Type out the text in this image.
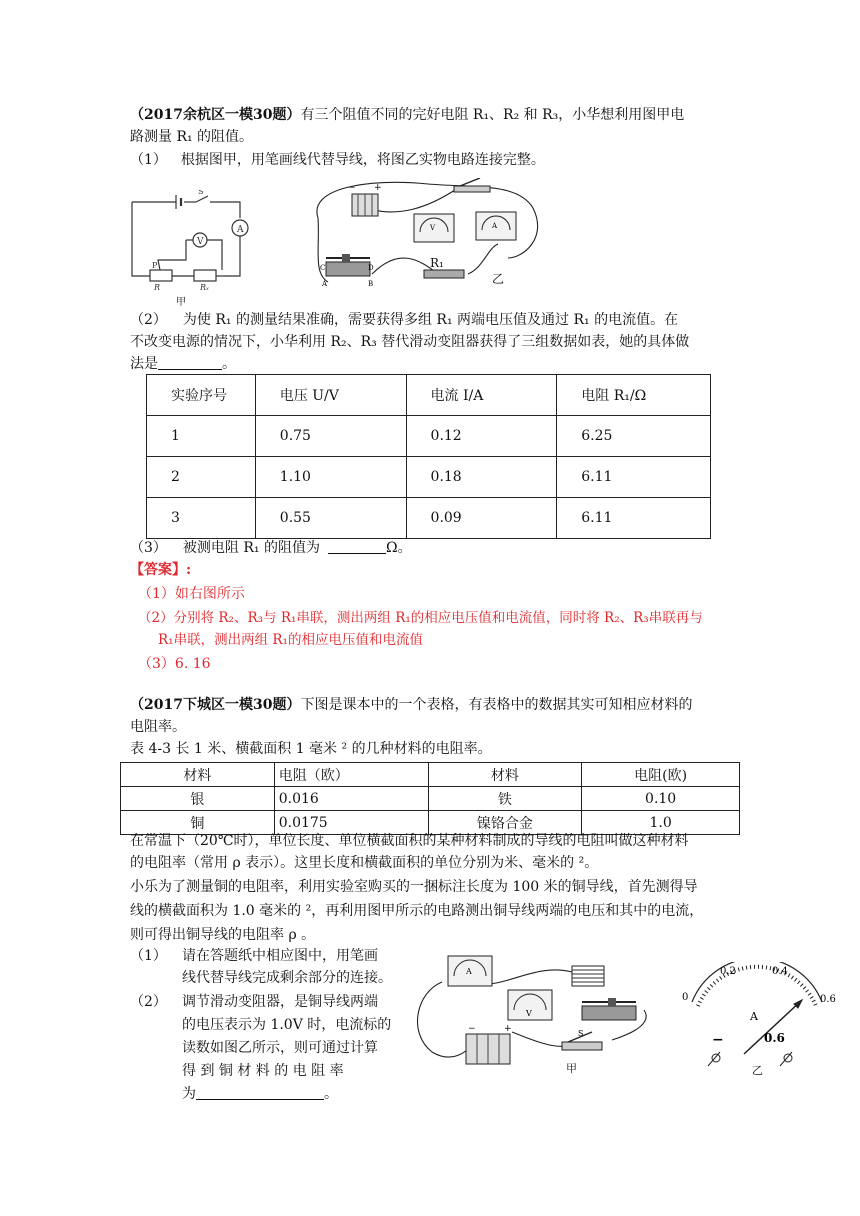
（2017余杭区一模30题）有三个阻值不同的完好电阻 R₁、R₂ 和 R₃，小华想利用图甲电
路测量 R₁ 的阻值。
（1） 根据图甲，用笔画线代替导线，将图乙实物电路连接完整。
A
V
S
R	Rₓ
P
甲
− +
V	A
C	D
A	B
R₁
乙
（2） 为使 R₁ 的测量结果准确，需要获得多组 R₁ 两端电压值及通过 R₁ 的电流值。在
不改变电源的情况下，小华利用 R₂、R₃ 替代滑动变阻器获得了三组数据如表，她的具体做
法是	。
实验序号	电压 U/V	电流 I/A	电阻 R₁/Ω
1	0.75	0.12	6.25
2	1.10	0.18	6.11
3	0.55	0.09	6.11
（3） 被测电阻 R₁ 的阻值为	Ω。
【答案】:
（1）如右图所示
（2）分别将 R₂、R₃与 R₁串联，测出两组 R₁的相应电压值和电流值，同时将 R₂、R₃串联再与
R₁串联，测出两组 R₁的相应电压值和电流值
（3）6. 16
（2017下城区一模30题）下图是课本中的一个表格，有表格中的数据其实可知相应材料的
电阻率。
表 4-3 长 1 米、横截面积 1 毫米 ² 的几种材料的电阻率。
材料	电阻（欧）	材料	电阻(欧)
银	0.016	铁	0.10
铜	0.0175	镍铬合金	1.0
在常温下（20℃时），单位长度、单位横截面积的某种材料制成的导线的电阻叫做这种材料
的电阻率（常用 ρ 表示）。这里长度和横截面积的单位分别为米、毫米的 ²。
小乐为了测量铜的电阻率，利用实验室购买的一捆标注长度为 100 米的铜导线，首先测得导
线的横截面积为 1.0 毫米的 ²，再利用图甲所示的电路测出铜导线两端的电压和其中的电流，
则可得出铜导线的电阻率 ρ 。
（1） 请在答题纸中相应图中，用笔画
线代替导线完成剩余部分的连接。
（2） 调节滑动变阻器，是铜导线两端
的电压表示为 1.0V 时，电流标的
读数如图乙所示，则可通过计算
得 到 铜 材 料 的 电 阻 率
为	。
A
V
−	+	S
甲
0
0.2	0.4
0.6
A
−	0.6
乙
